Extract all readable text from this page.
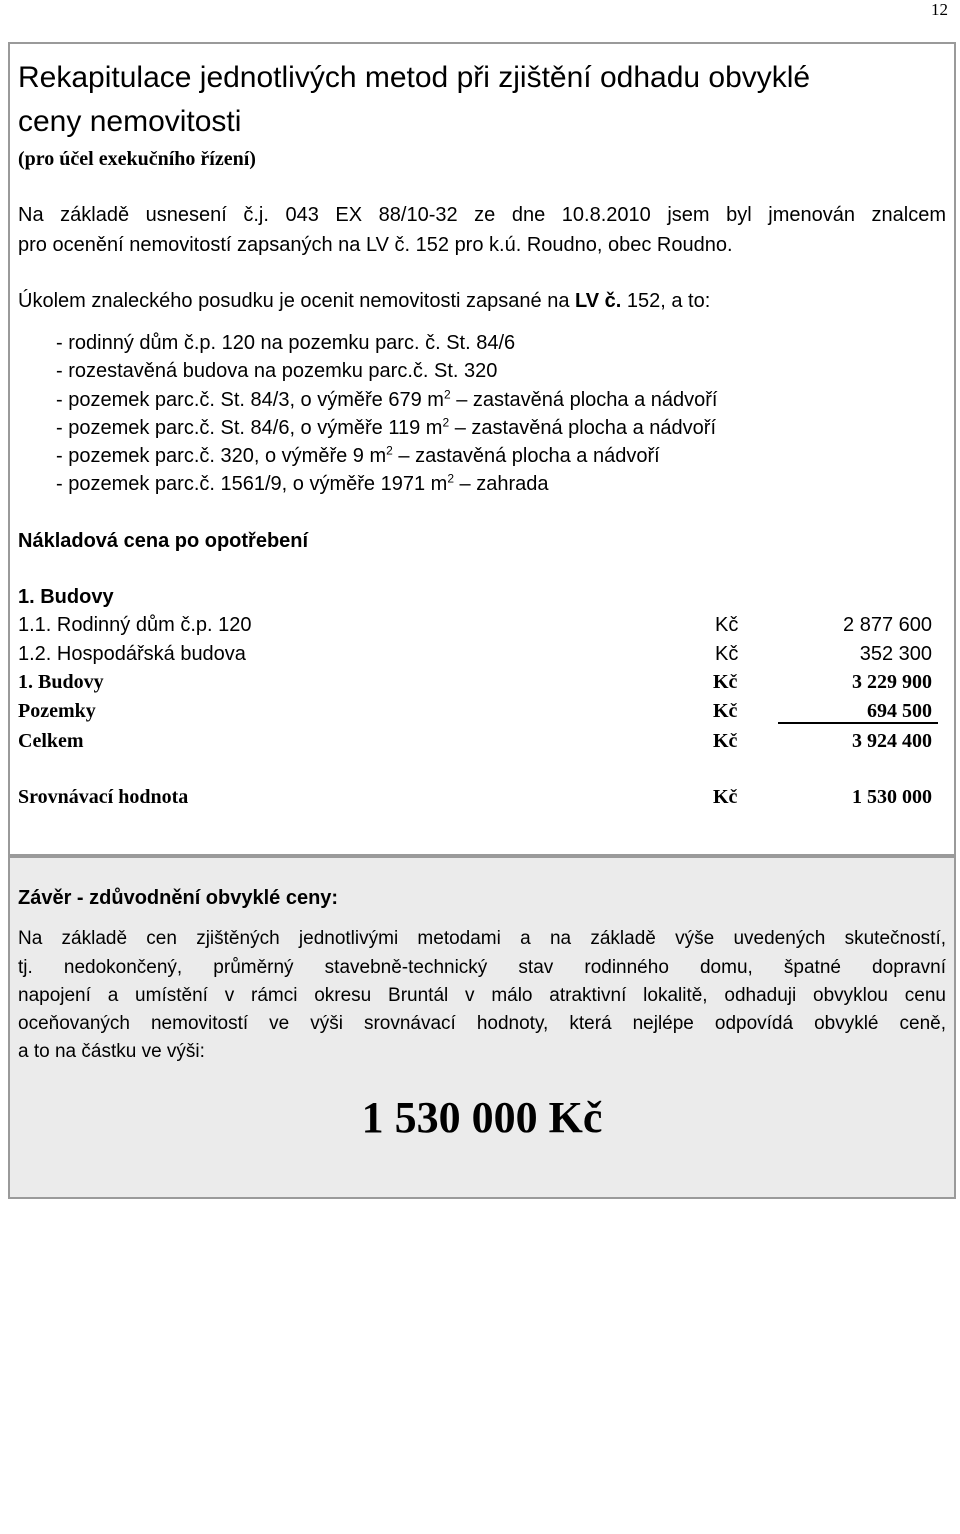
12
Rekapitulace jednotlivých metod při zjištění odhadu obvyklé
ceny nemovitosti
(pro účel exekučního řízení)
Na základě usnesení č.j. 043 EX 88/10-32 ze dne 10.8.2010 jsem byl jmenován znalcem
pro ocenění nemovitostí zapsaných na LV č. 152 pro k.ú. Roudno, obec Roudno.
Úkolem znaleckého posudku je ocenit nemovitosti zapsané na LV č. 152, a to:
- rodinný dům č.p. 120 na pozemku parc. č. St. 84/6
- rozestavěná budova na pozemku parc.č. St. 320
- pozemek parc.č. St. 84/3, o výměře 679 $m^2$ – zastavěná plocha a nádvoří
- pozemek parc.č. St. 84/6, o výměře 119 $m^2$ – zastavěná plocha a nádvoří
- pozemek parc.č. 320, o výměře 9 $m^2$ – zastavěná plocha a nádvoří
- pozemek parc.č. 1561/9, o výměře 1971 $m^2$ – zahrada
Nákladová cena po opotřebení
1. Budovy
1.1. Rodinný dům č.p. 120	Kč	2 877 600
1.2. Hospodářská budova	Kč	352 300
1. Budovy	Kč	3 229 900
Pozemky	Kč	694 500
Celkem	Kč	3 924 400
Srovnávací hodnota	Kč	1 530 000
Závěr - zdůvodnění obvyklé ceny:
Na základě cen zjištěných jednotlivými metodami a na základě výše uvedených skutečností,
tj. nedokončený, průměrný stavebně-technický stav rodinného domu, špatné dopravní
napojení a umístění v rámci okresu Bruntál v málo atraktivní lokalitě, odhaduji obvyklou cenu
oceňovaných nemovitostí ve výši srovnávací hodnoty, která nejlépe odpovídá obvyklé ceně,
a to na částku ve výši:
1 530 000 Kč
